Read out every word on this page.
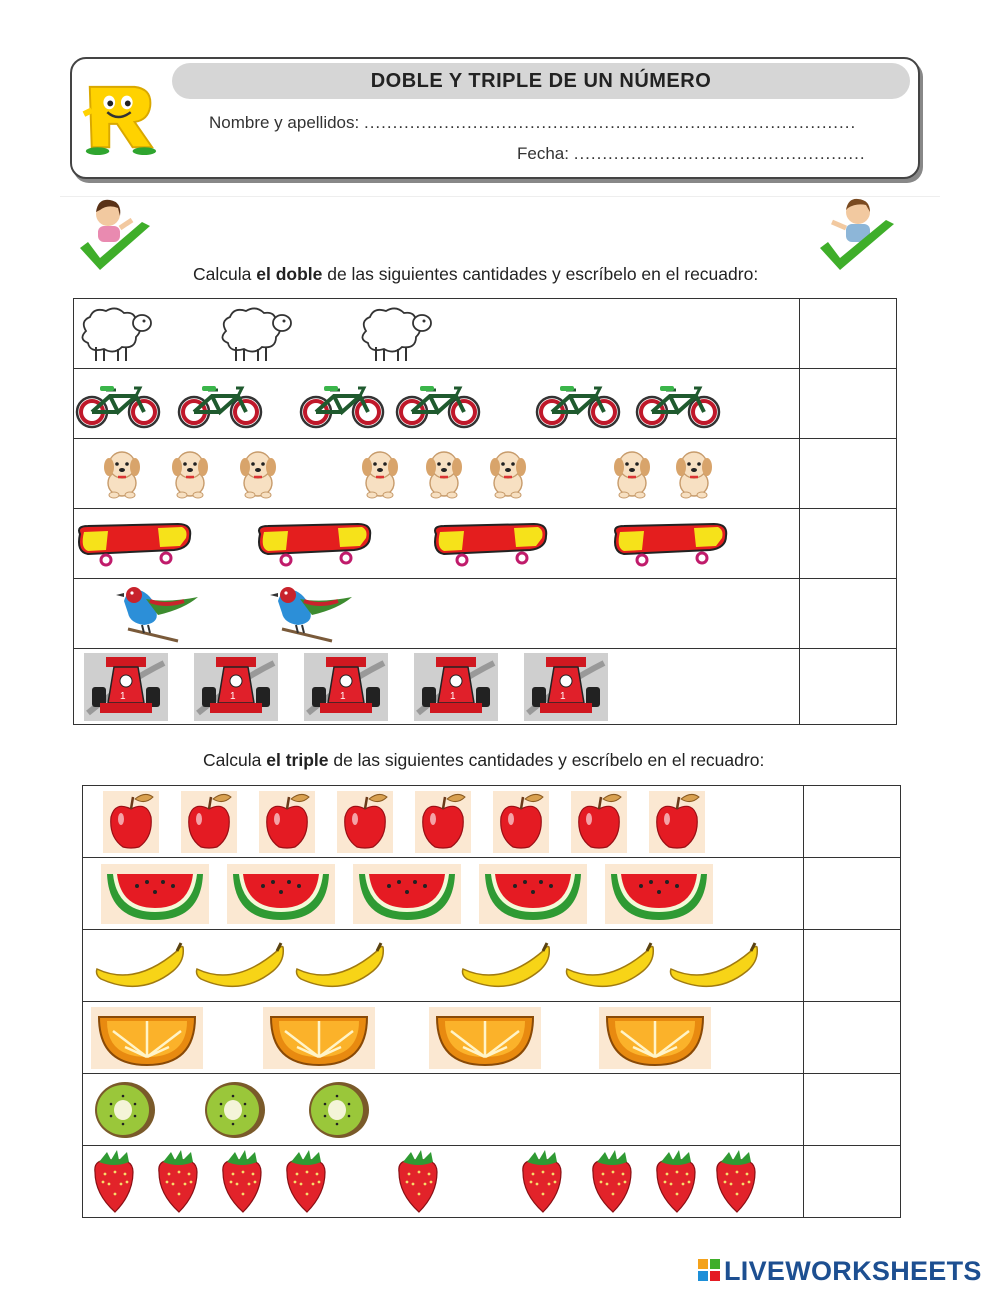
DOBLE Y TRIPLE DE UN NÚMERO
Nombre y apellidos: ......................................................................................
Fecha: ...................................................
Calcula el doble de las siguientes cantidades y escríbelo en el recuadro:

Calcula el triple de las siguientes cantidades y escríbelo en el recuadro:

LIVEWORKSHEETS
